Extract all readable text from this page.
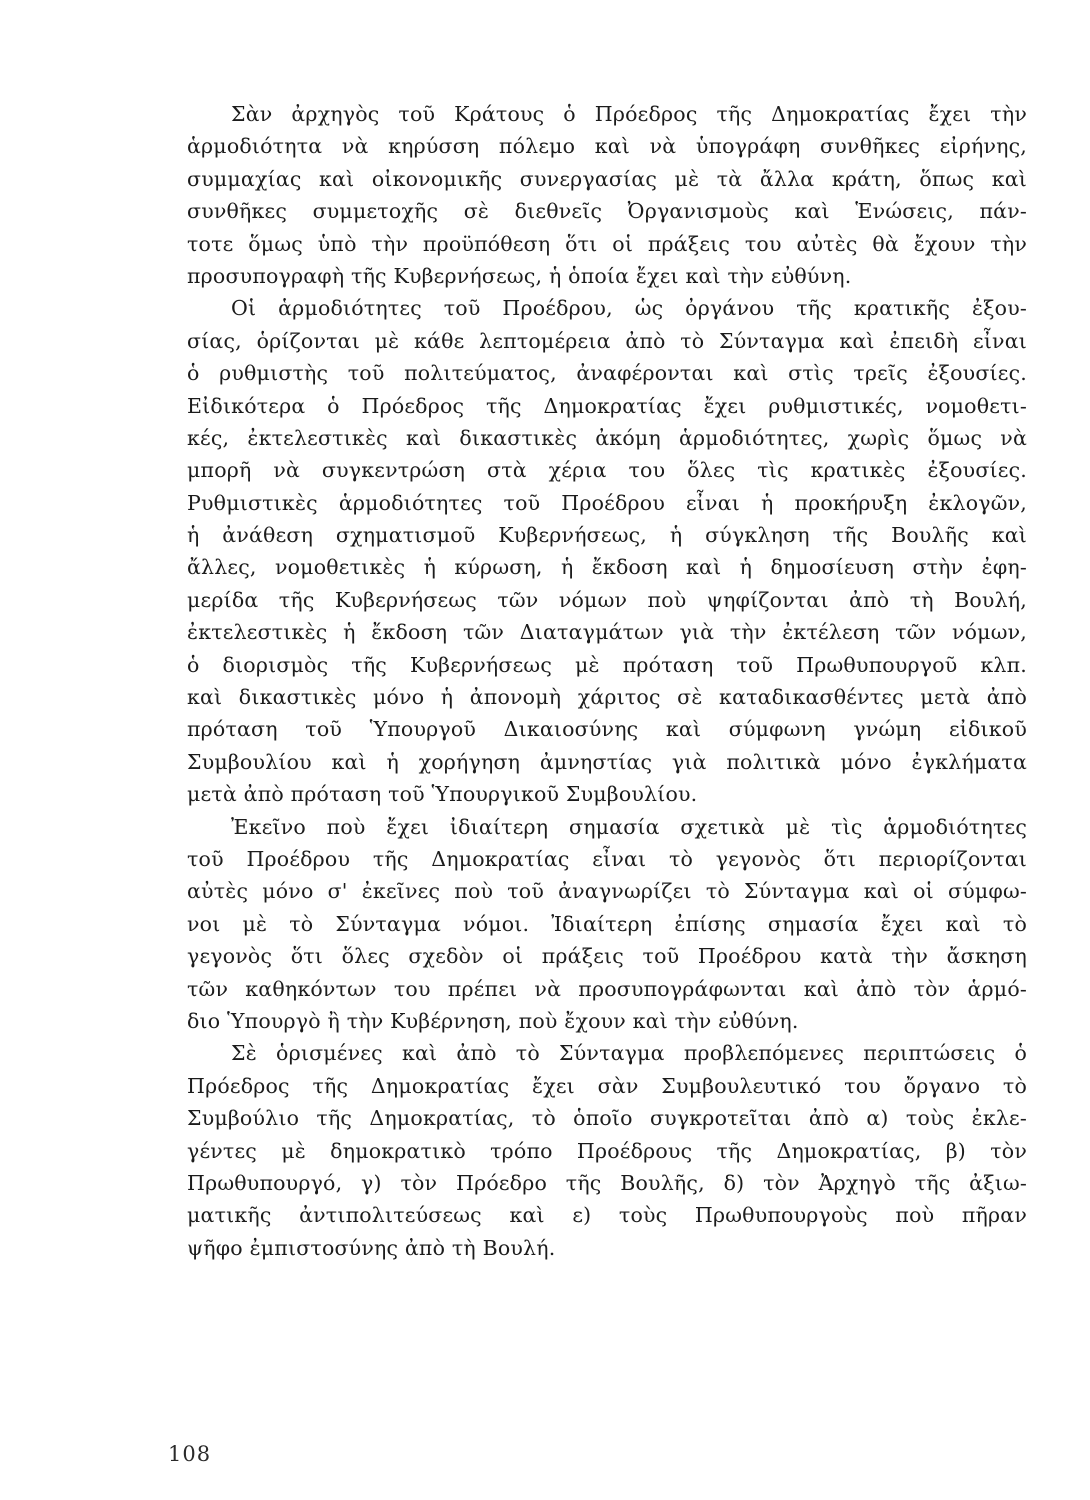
Σὰν ἀρχηγὸς τοῦ Κράτους ὁ Πρόεδρος τῆς Δημοκρατίας ἔχει τὴν
ἁρμοδιότητα νὰ κηρύσση πόλεμο καὶ νὰ ὑπογράφη συνθῆκες εἰρήνης,
συμμαχίας καὶ οἰκονομικῆς συνεργασίας μὲ τὰ ἄλλα κράτη, ὅπως καὶ
συνθῆκες συμμετοχῆς σὲ διεθνεῖς Ὀργανισμοὺς καὶ Ἑνώσεις, πάν-
τοτε ὅμως ὑπὸ τὴν προϋπόθεση ὅτι οἱ πράξεις του αὐτὲς θὰ ἔχουν τὴν
προσυπογραφὴ τῆς Κυβερνήσεως, ἡ ὁποία ἔχει καὶ τὴν εὐθύνη.
Οἱ ἁρμοδιότητες τοῦ Προέδρου, ὡς ὀργάνου τῆς κρατικῆς ἐξου-
σίας, ὁρίζονται μὲ κάθε λεπτομέρεια ἀπὸ τὸ Σύνταγμα καὶ ἐπειδὴ εἶναι
ὁ ρυθμιστὴς τοῦ πολιτεύματος, ἀναφέρονται καὶ στὶς τρεῖς ἐξουσίες.
Εἰδικότερα ὁ Πρόεδρος τῆς Δημοκρατίας ἔχει ρυθμιστικές, νομοθετι-
κές, ἐκτελεστικὲς καὶ δικαστικὲς ἀκόμη ἁρμοδιότητες, χωρὶς ὅμως νὰ
μπορῆ νὰ συγκεντρώση στὰ χέρια του ὅλες τὶς κρατικὲς ἐξουσίες.
Ρυθμιστικὲς ἁρμοδιότητες τοῦ Προέδρου εἶναι ἡ προκήρυξη ἐκλογῶν,
ἡ ἀνάθεση σχηματισμοῦ Κυβερνήσεως, ἡ σύγκληση τῆς Βουλῆς καὶ
ἄλλες, νομοθετικὲς ἡ κύρωση, ἡ ἔκδοση καὶ ἡ δημοσίευση στὴν ἐφη-
μερίδα τῆς Κυβερνήσεως τῶν νόμων ποὺ ψηφίζονται ἀπὸ τὴ Βουλή,
ἐκτελεστικὲς ἡ ἔκδοση τῶν Διαταγμάτων γιὰ τὴν ἐκτέλεση τῶν νόμων,
ὁ διορισμὸς τῆς Κυβερνήσεως μὲ πρόταση τοῦ Πρωθυπουργοῦ κλπ.
καὶ δικαστικὲς μόνο ἡ ἀπονομὴ χάριτος σὲ καταδικασθέντες μετὰ ἀπὸ
πρόταση τοῦ Ὑπουργοῦ Δικαιοσύνης καὶ σύμφωνη γνώμη εἰδικοῦ
Συμβουλίου καὶ ἡ χορήγηση ἀμνηστίας γιὰ πολιτικὰ μόνο ἐγκλήματα
μετὰ ἀπὸ πρόταση τοῦ Ὑπουργικοῦ Συμβουλίου.
Ἐκεῖνο ποὺ ἔχει ἰδιαίτερη σημασία σχετικὰ μὲ τὶς ἁρμοδιότητες
τοῦ Προέδρου τῆς Δημοκρατίας εἶναι τὸ γεγονὸς ὅτι περιορίζονται
αὐτὲς μόνο σ' ἐκεῖνες ποὺ τοῦ ἀναγνωρίζει τὸ Σύνταγμα καὶ οἱ σύμφω-
νοι μὲ τὸ Σύνταγμα νόμοι. Ἰδιαίτερη ἐπίσης σημασία ἔχει καὶ τὸ
γεγονὸς ὅτι ὅλες σχεδὸν οἱ πράξεις τοῦ Προέδρου κατὰ τὴν ἄσκηση
τῶν καθηκόντων του πρέπει νὰ προσυπογράφωνται καὶ ἀπὸ τὸν ἁρμό-
διο Ὑπουργὸ ἢ τὴν Κυβέρνηση, ποὺ ἔχουν καὶ τὴν εὐθύνη.
Σὲ ὁρισμένες καὶ ἀπὸ τὸ Σύνταγμα προβλεπόμενες περιπτώσεις ὁ
Πρόεδρος τῆς Δημοκρατίας ἔχει σὰν Συμβουλευτικό του ὄργανο τὸ
Συμβούλιο τῆς Δημοκρατίας, τὸ ὁποῖο συγκροτεῖται ἀπὸ α) τοὺς ἐκλε-
γέντες μὲ δημοκρατικὸ τρόπο Προέδρους τῆς Δημοκρατίας, β) τὸν
Πρωθυπουργό, γ) τὸν Πρόεδρο τῆς Βουλῆς, δ) τὸν Ἀρχηγὸ τῆς ἀξιω-
ματικῆς ἀντιπολιτεύσεως καὶ ε) τοὺς Πρωθυπουργοὺς ποὺ πῆραν
ψῆφο ἐμπιστοσύνης ἀπὸ τὴ Βουλή.
108
